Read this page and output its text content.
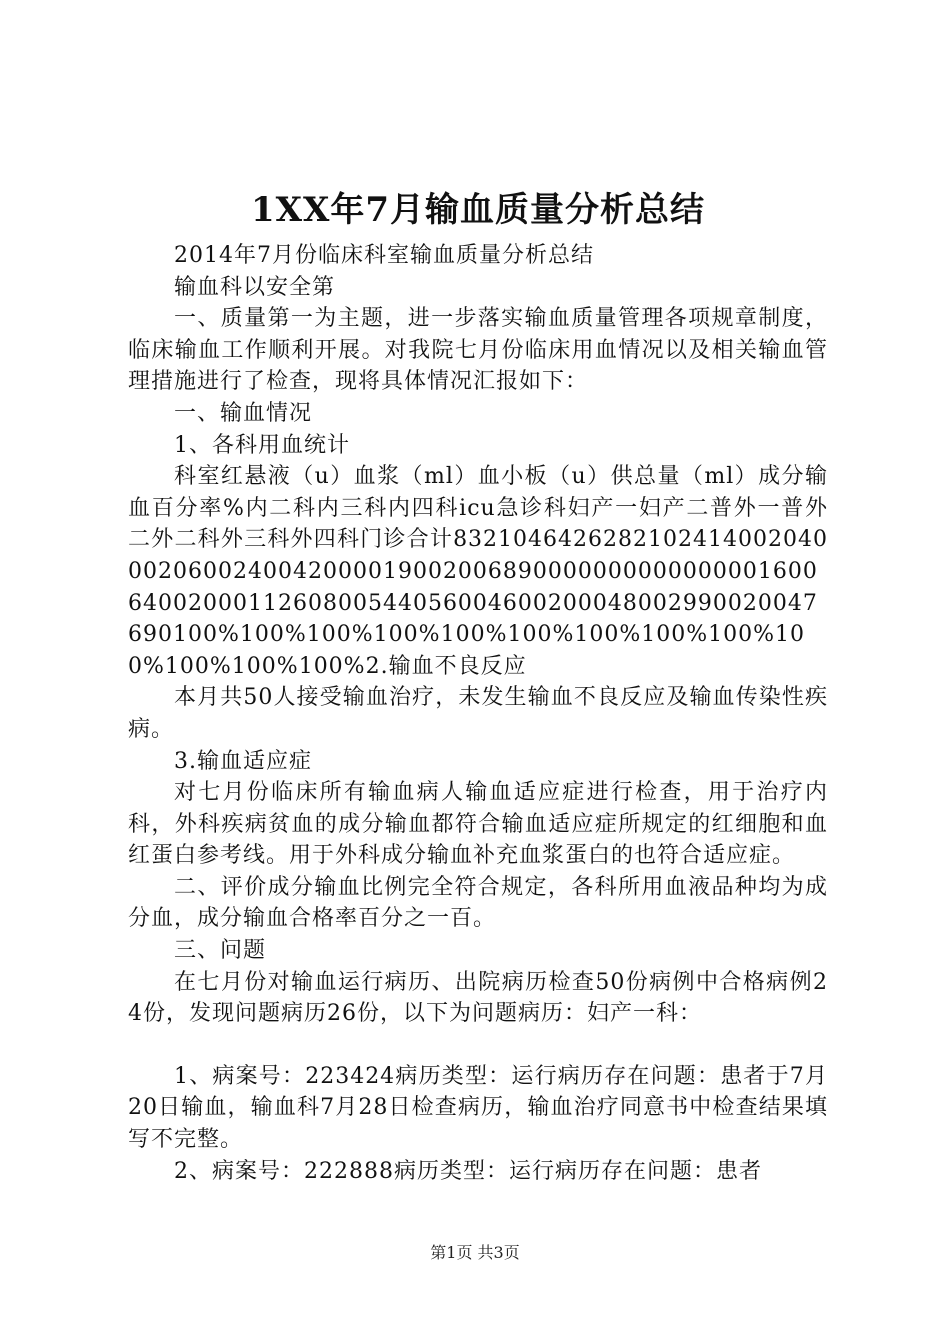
1XX年7月输血质量分析总结

2014年7月份临床科室输血质量分析总结

输血科以安全第

一、质量第一为主题，进一步落实输血质量管理各项规章制度，临床输血工作顺利开展。对我院七月份临床用血情况以及相关输血管理措施进行了检查，现将具体情况汇报如下：

一、输血情况

1、各科用血统计

科室红悬液（u）血浆（ml）血小板（u）供总量（ml）成分输血百分率%内二科内三科内四科icu急诊科妇产一妇产二普外一普外二外二科外三科外四科门诊合计8321046426282102414002040002060024004200001900200689000000000000000160064002000112608005440560046002000480029900200476901​00%100%100%100%100%100%100%100%100%100%100%100%100%2.输血不良反应

本月共50人接受输血治疗，未发生输血不良反应及输血传染性疾病。

3.输血适应症

对七月份临床所有输血病人输血适应症进行检查，用于治疗内科，外科疾病贫血的成分输血都符合输血适应症所规定的红细胞和血红蛋白参考线。用于外科成分输血补充血浆蛋白的也符合适应症。

二、评价成分输血比例完全符合规定，各科所用血液品种均为成分血，成分输血合格率百分之一百。

三、问题

在七月份对输血运行病历、出院病历检查50份病例中合格病例24份，发现问题病历26份，以下为问题病历：妇产一科：

1、病案号：223424病历类型：运行病历存在问题：患者于7月20日输血，输血科7月28日检查病历，输血治疗同意书中检查结果填写不完整。

2、病案号：222888病历类型：运行病历存在问题：患者

第1页 共3页
